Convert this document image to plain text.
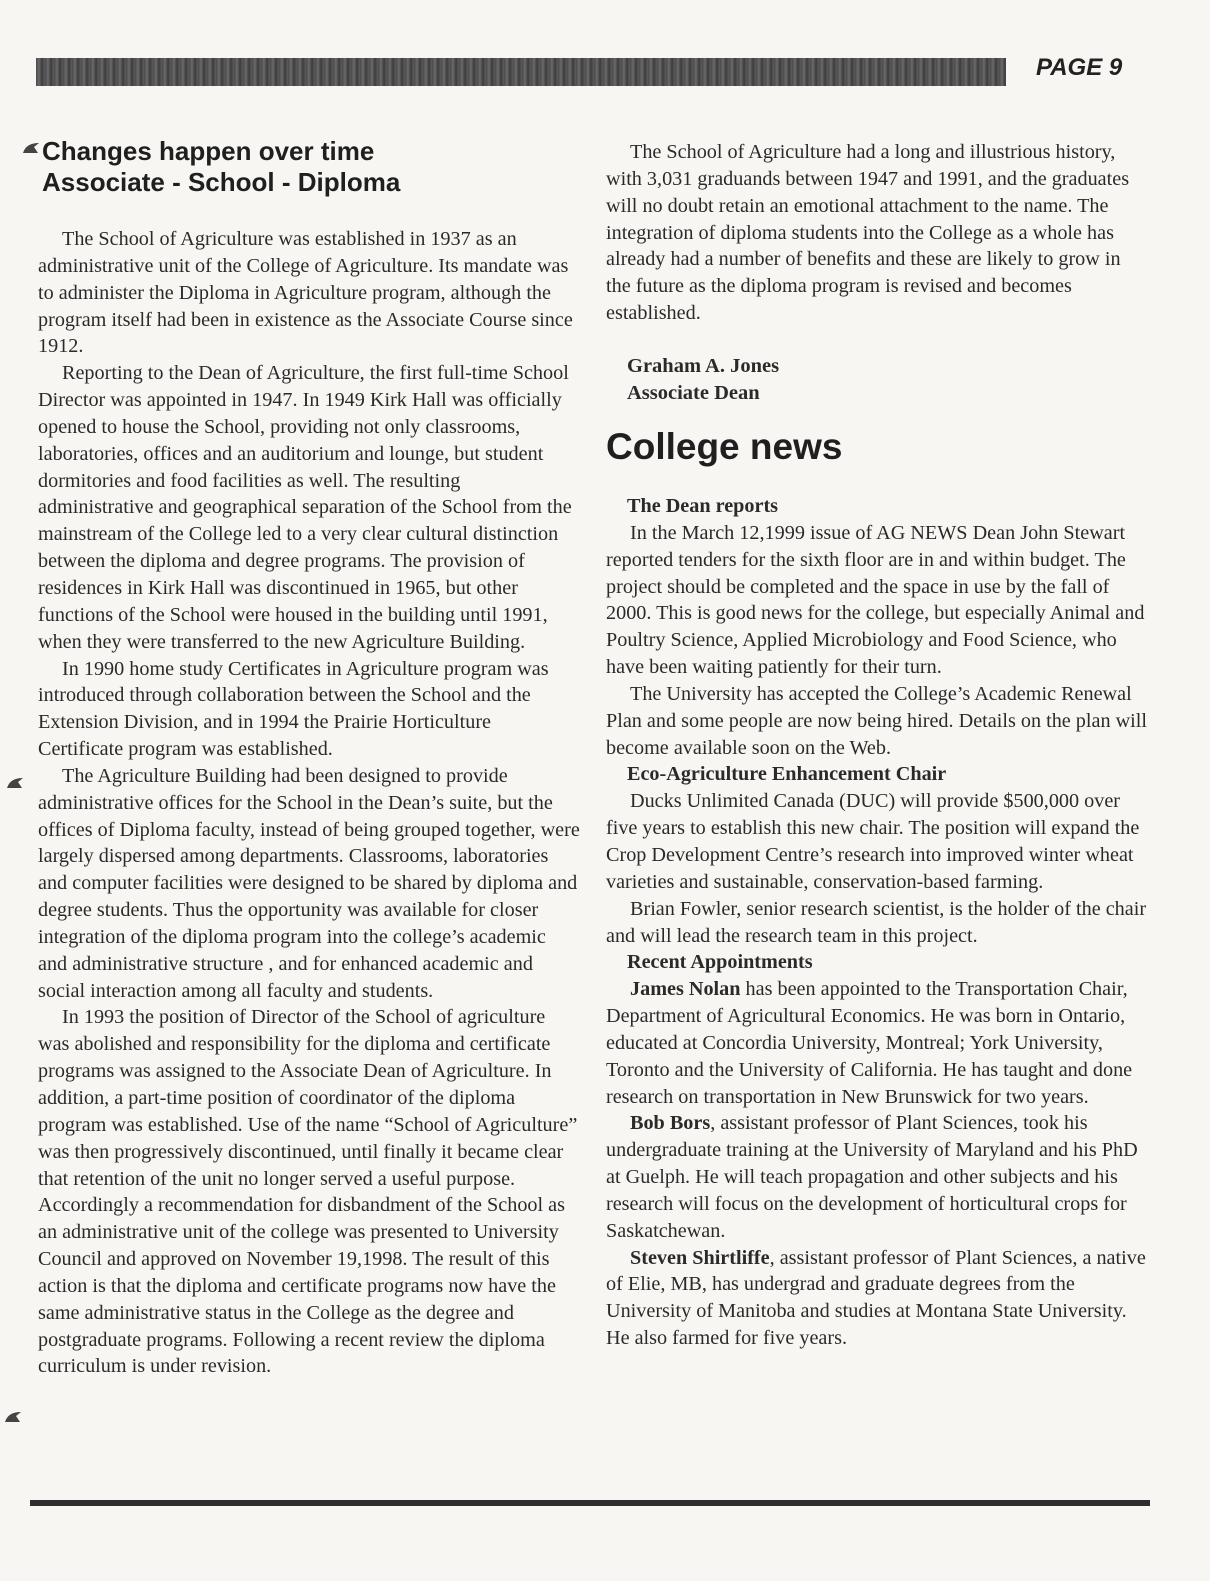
PAGE 9
Changes happen over time
Associate - School - Diploma

The School of Agriculture was established in 1937 as an administrative unit of the College of Agriculture. Its mandate was to administer the Diploma in Agriculture program, although the program itself had been in existence as the Associate Course since 1912.

Reporting to the Dean of Agriculture, the first full-time School Director was appointed in 1947. In 1949 Kirk Hall was officially opened to house the School, providing not only classrooms, laboratories, offices and an auditorium and lounge, but student dormitories and food facilities as well. The resulting administrative and geographical separation of the School from the mainstream of the College led to a very clear cultural distinction between the diploma and degree programs. The provision of residences in Kirk Hall was discontinued in 1965, but other functions of the School were housed in the building until 1991, when they were transferred to the new Agriculture Building.

In 1990 home study Certificates in Agriculture program was introduced through collaboration between the School and the Extension Division, and in 1994 the Prairie Horticulture Certificate program was established.

The Agriculture Building had been designed to provide administrative offices for the School in the Dean’s suite, but the offices of Diploma faculty, instead of being grouped together, were largely dispersed among departments. Classrooms, laboratories and computer facilities were designed to be shared by diploma and degree students. Thus the opportunity was available for closer integration of the diploma program into the college’s academic and administrative structure , and for enhanced academic and social interaction among all faculty and students.

In 1993 the position of Director of the School of agriculture was abolished and responsibility for the diploma and certificate programs was assigned to the Associate Dean of Agriculture. In addition, a part-time position of coordinator of the diploma program was established. Use of the name “School of Agriculture” was then progressively discontinued, until finally it became clear that retention of the unit no longer served a useful purpose. Accordingly a recommendation for disbandment of the School as an administrative unit of the college was presented to University Council and approved on November 19,1998. The result of this action is that the diploma and certificate programs now have the same administrative status in the College as the degree and postgraduate programs. Following a recent review the diploma curriculum is under revision.

The School of Agriculture had a long and illustrious history, with 3,031 graduands between 1947 and 1991, and the graduates will no doubt retain an emotional attachment to the name. The integration of diploma students into the College as a whole has already had a number of benefits and these are likely to grow in the future as the diploma program is revised and becomes established.

Graham A. Jones
Associate Dean
College news
The Dean reports

In the March 12,1999 issue of AG NEWS Dean John Stewart reported tenders for the sixth floor are in and within budget. The project should be completed and the space in use by the fall of 2000. This is good news for the college, but especially Animal and Poultry Science, Applied Microbiology and Food Science, who have been waiting patiently for their turn.

The University has accepted the College’s Academic Renewal Plan and some people are now being hired. Details on the plan will become available soon on the Web.

Eco-Agriculture Enhancement Chair

Ducks Unlimited Canada (DUC) will provide $500,000 over five years to establish this new chair. The position will expand the Crop Development Centre’s research into improved winter wheat varieties and sustainable, conservation-based farming.

Brian Fowler, senior research scientist, is the holder of the chair and will lead the research team in this project.

Recent Appointments

James Nolan has been appointed to the Transportation Chair, Department of Agricultural Economics. He was born in Ontario, educated at Concordia University, Montreal; York University, Toronto and the University of California. He has taught and done research on transportation in New Brunswick for two years.

Bob Bors, assistant professor of Plant Sciences, took his undergraduate training at the University of Maryland and his PhD at Guelph. He will teach propagation and other subjects and his research will focus on the development of horticultural crops for Saskatchewan.

Steven Shirtliffe, assistant professor of Plant Sciences, a native of Elie, MB, has undergrad and graduate degrees from the University of Manitoba and studies at Montana State University. He also farmed for five years.
